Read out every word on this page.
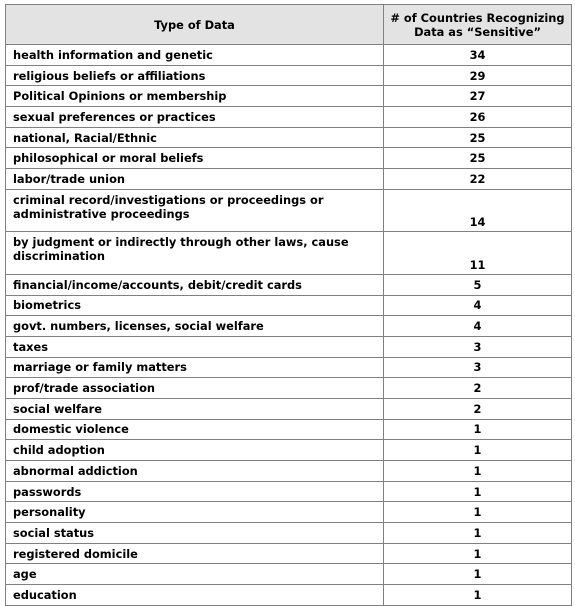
Type of Data	# of Countries Recognizing
Data as “Sensitive”

health information and genetic	34
religious beliefs or affiliations	29
Political Opinions or membership	27
sexual preferences or practices	26
national, Racial/Ethnic	25
philosophical or moral beliefs	25
labor/trade union	22
criminal record/investigations or proceedings or administrative proceedings	14
by judgment or indirectly through other laws, cause discrimination	11
financial/income/accounts, debit/credit cards	5
biometrics	4
govt. numbers, licenses, social welfare	4
taxes	3
marriage or family matters	3
prof/trade association	2
social welfare	2
domestic violence	1
child adoption	1
abnormal addiction	1
passwords	1
personality	1
social status	1
registered domicile	1
age	1
education	1
